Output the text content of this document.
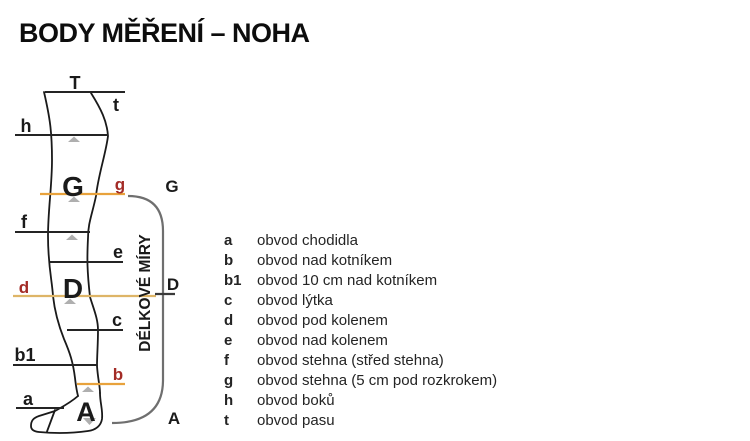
BODY MĚŘENÍ – NOHA
DÉLKOVÉ MÍRY
T
t
h
G
f
e
D
c
b1
a A
g
d
b
G
D
A
a	obvod chodidla
b	obvod nad kotníkem
b1	obvod 10 cm nad kotníkem
c	obvod lýtka
d	obvod pod kolenem
e	obvod nad kolenem
f	obvod stehna (střed stehna)
g	obvod stehna (5 cm pod rozkrokem)
h	obvod boků
t	obvod pasu
